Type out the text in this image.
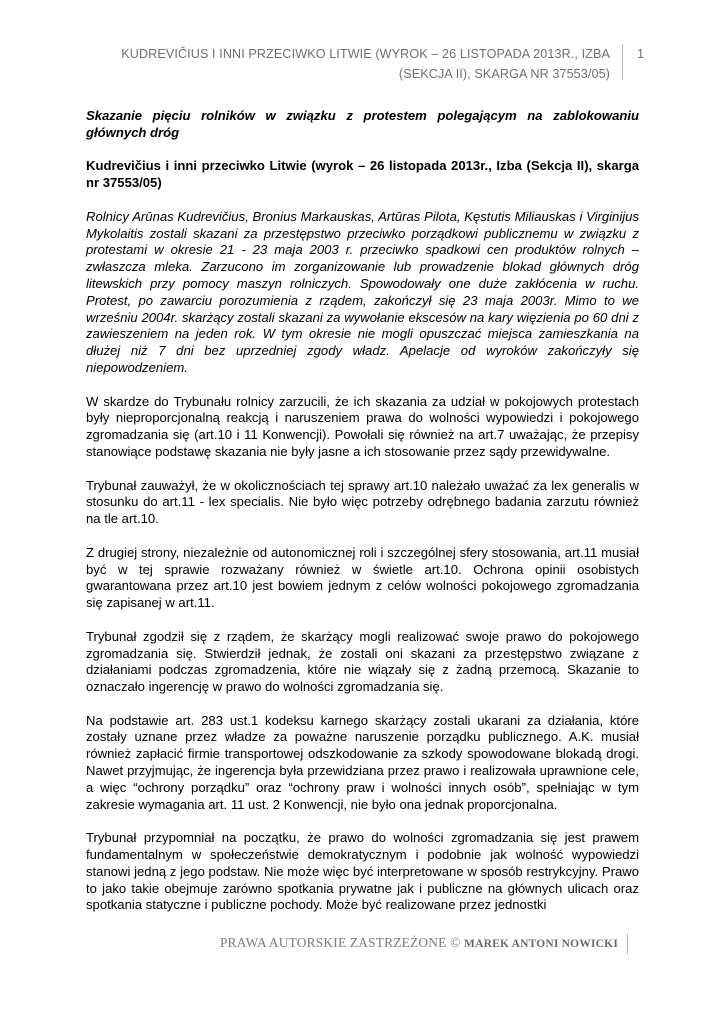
KUDREVIČIUS I INNI PRZECIWKO LITWIE (WYROK – 26 LISTOPADA 2013R., IZBA (SEKCJA II), SKARGA NR 37553/05)
1

Skazanie pięciu rolników w związku z protestem polegającym na zablokowaniu głównych dróg

Kudrevičius i inni przeciwko Litwie (wyrok – 26 listopada 2013r., Izba (Sekcja II), skarga nr 37553/05)

Rolnicy Arūnas Kudrevičius, Bronius Markauskas, Artūras Pilota, Kęstutis Miliauskas i Virginijus Mykolaitis zostali skazani za przestępstwo przeciwko porządkowi publicznemu w związku z protestami w okresie 21 - 23 maja 2003 r. przeciwko spadkowi cen produktów rolnych – zwłaszcza mleka. Zarzucono im zorganizowanie lub prowadzenie blokad głównych dróg litewskich przy pomocy maszyn rolniczych. Spowodowały one duże zakłócenia w ruchu. Protest, po zawarciu porozumienia z rządem, zakończył się 23 maja 2003r. Mimo to we wrześniu 2004r. skarżący zostali skazani za wywołanie ekscesów na kary więzienia po 60 dni z zawieszeniem na jeden rok. W tym okresie nie mogli opuszczać miejsca zamieszkania na dłużej niż 7 dni bez uprzedniej zgody władz. Apelacje od wyroków zakończyły się niepowodzeniem.

W skardze do Trybunału rolnicy zarzucili, że ich skazania za udział w pokojowych protestach były nieproporcjonalną reakcją i naruszeniem prawa do wolności wypowiedzi i pokojowego zgromadzania się (art.10 i 11 Konwencji). Powołali się również na art.7 uważając, że przepisy stanowiące podstawę skazania nie były jasne a ich stosowanie przez sądy przewidywalne.

Trybunał zauważył, że w okolicznościach tej sprawy art.10 należało uważać za lex generalis w stosunku do art.11 - lex specialis. Nie było więc potrzeby odrębnego badania zarzutu również na tle art.10.

Z drugiej strony, niezależnie od autonomicznej roli i szczególnej sfery stosowania, art.11 musiał być w tej sprawie rozważany również w świetle art.10. Ochrona opinii osobistych gwarantowana przez art.10 jest bowiem jednym z celów wolności pokojowego zgromadzania się zapisanej w art.11.

Trybunał zgodził się z rządem, że skarżący mogli realizować swoje prawo do pokojowego zgromadzania się. Stwierdził jednak, że zostali oni skazani za przestępstwo związane z działaniami podczas zgromadzenia, które nie wiązały się z żadną przemocą. Skazanie to oznaczało ingerencję w prawo do wolności zgromadzania się.

Na podstawie art. 283 ust.1 kodeksu karnego skarżący zostali ukarani za działania, które zostały uznane przez władze za poważne naruszenie porządku publicznego. A.K. musiał również zapłacić firmie transportowej odszkodowanie za szkody spowodowane blokadą drogi. Nawet przyjmując, że ingerencja była przewidziana przez prawo i realizowała uprawnione cele, a więc “ochrony porządku” oraz “ochrony praw i wolności innych osób”, spełniając w tym zakresie wymagania art. 11 ust. 2 Konwencji, nie było ona jednak proporcjonalna.

Trybunał przypomniał na początku, że prawo do wolności zgromadzania się jest prawem fundamentalnym w społeczeństwie demokratycznym i podobnie jak wolność wypowiedzi stanowi jedną z jego podstaw. Nie może więc być interpretowane w sposób restrykcyjny. Prawo to jako takie obejmuje zarówno spotkania prywatne jak i publiczne na głównych ulicach oraz spotkania statyczne i publiczne pochody. Może być realizowane przez jednostki

PRAWA AUTORSKIE ZASTRZEŻONE © MAREK ANTONI NOWICKI
